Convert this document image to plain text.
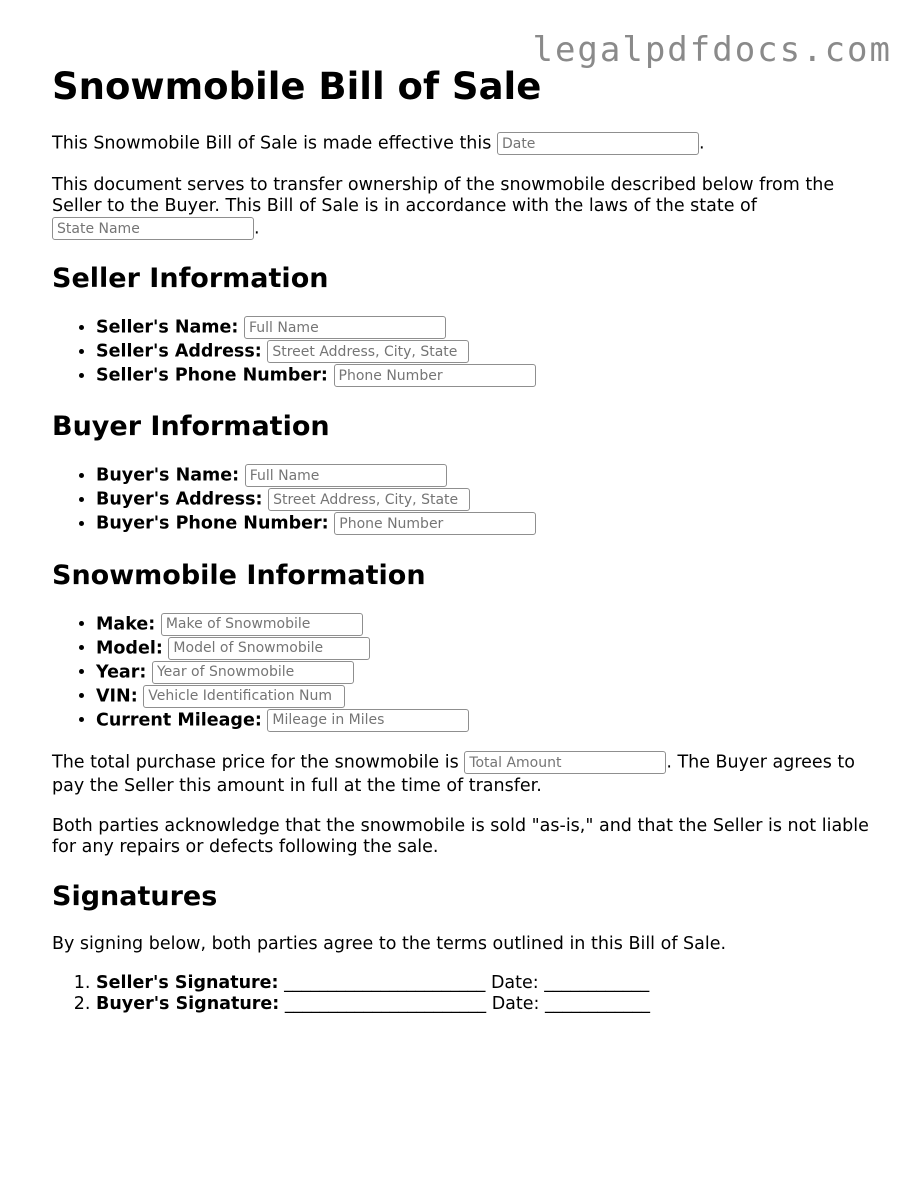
legalpdfdocs.com
Snowmobile Bill of Sale

This Snowmobile Bill of Sale is made effective this Date	.

This document serves to transfer ownership of the snowmobile described below from the Seller to the Buyer. This Bill of Sale is in accordance with the laws of the state of
State Name.

Seller Information
• Seller's Name: Full Name
• Seller's Address: Street Address, City, State
• Seller's Phone Number: Phone Number
Buyer Information
• Buyer's Name: Full Name
• Buyer's Address: Street Address, City, State
• Buyer's Phone Number: Phone Number
Snowmobile Information
• Make: Make of Snowmobile
• Model: Model of Snowmobile
• Year: Year of Snowmobile
• VIN: Vehicle Identification Num
• Current Mileage: Mileage in Miles

The total purchase price for the snowmobile is Total Amount	. The Buyer agrees to pay the Seller this amount in full at the time of transfer.

Both parties acknowledge that the snowmobile is sold "as-is," and that the Seller is not liable for any repairs or defects following the sale.

Signatures

By signing below, both parties agree to the terms outlined in this Bill of Sale.

1. Seller's Signature: _______________________ Date: ____________
2. Buyer's Signature: _______________________ Date: ____________
